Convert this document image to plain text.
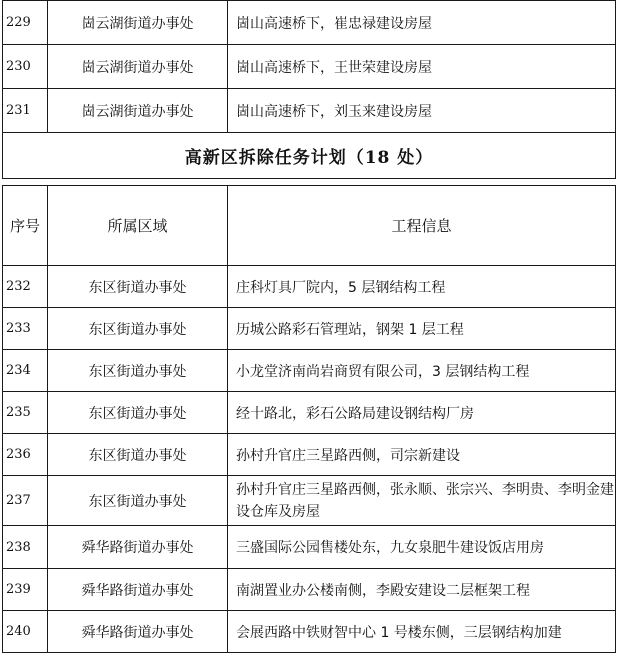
229	崮云湖街道办事处	崮山高速桥下，崔忠禄建设房屋
230	崮云湖街道办事处	崮山高速桥下，王世荣建设房屋
231	崮云湖街道办事处	崮山高速桥下，刘玉来建设房屋
高新区拆除任务计划（18 处）		

序号	所属区域	工程信息
232	东区街道办事处	庄科灯具厂院内，5 层钢结构工程
233	东区街道办事处	历城公路彩石管理站，钢架 1 层工程
234	东区街道办事处	小龙堂济南尚岩商贸有限公司，3 层钢结构工程
235	东区街道办事处	经十路北，彩石公路局建设钢结构厂房
236	东区街道办事处	孙村升官庄三星路西侧，司宗新建设
237	东区街道办事处	孙村升官庄三星路西侧，张永顺、张宗兴、李明贵、李明金建设仓库及房屋
238	舜华路街道办事处	三盛国际公园售楼处东，九女泉肥牛建设饭店用房
239	舜华路街道办事处	南湖置业办公楼南侧，李殿安建设二层框架工程
240	舜华路街道办事处	会展西路中铁财智中心 1 号楼东侧，三层钢结构加建
